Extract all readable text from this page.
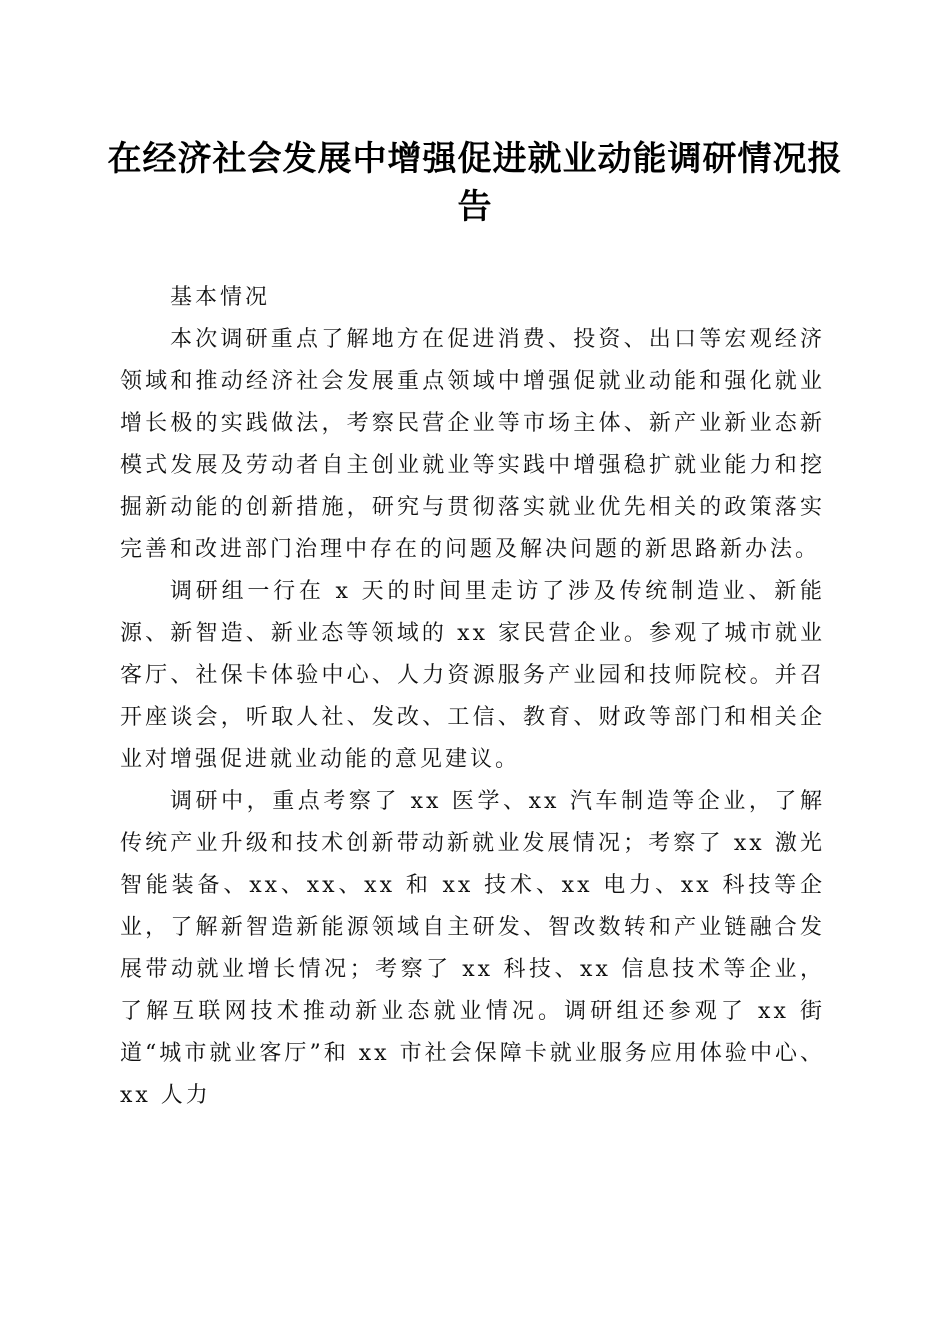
在经济社会发展中增强促进就业动能调研情况报告

基本情况

本次调研重点了解地方在促进消费、投资、出口等宏观经济领域和推动经济社会发展重点领域中增强促就业动能和强化就业增长极的实践做法，考察民营企业等市场主体、新产业新业态新模式发展及劳动者自主创业就业等实践中增强稳扩就业能力和挖掘新动能的创新措施，研究与贯彻落实就业优先相关的政策落实完善和改进部门治理中存在的问题及解决问题的新思路新办法。

调研组一行在 x 天的时间里走访了涉及传统制造业、新能源、新智造、新业态等领域的 xx 家民营企业。参观了城市就业客厅、社保卡体验中心、人力资源服务产业园和技师院校。并召开座谈会，听取人社、发改、工信、教育、财政等部门和相关企业对增强促进就业动能的意见建议。

调研中，重点考察了 xx 医学、xx 汽车制造等企业，了解传统产业升级和技术创新带动新就业发展情况；考察了 xx 激光智能装备、xx、xx、xx 和 xx 技术、xx 电力、xx 科技等企业，了解新智造新能源领域自主研发、智改数转和产业链融合发展带动就业增长情况；考察了 xx 科技、xx 信息技术等企业，了解互联网技术推动新业态就业情况。调研组还参观了 xx 街道“城市就业客厅”和 xx 市社会保障卡就业服务应用体验中心、xx 人力
